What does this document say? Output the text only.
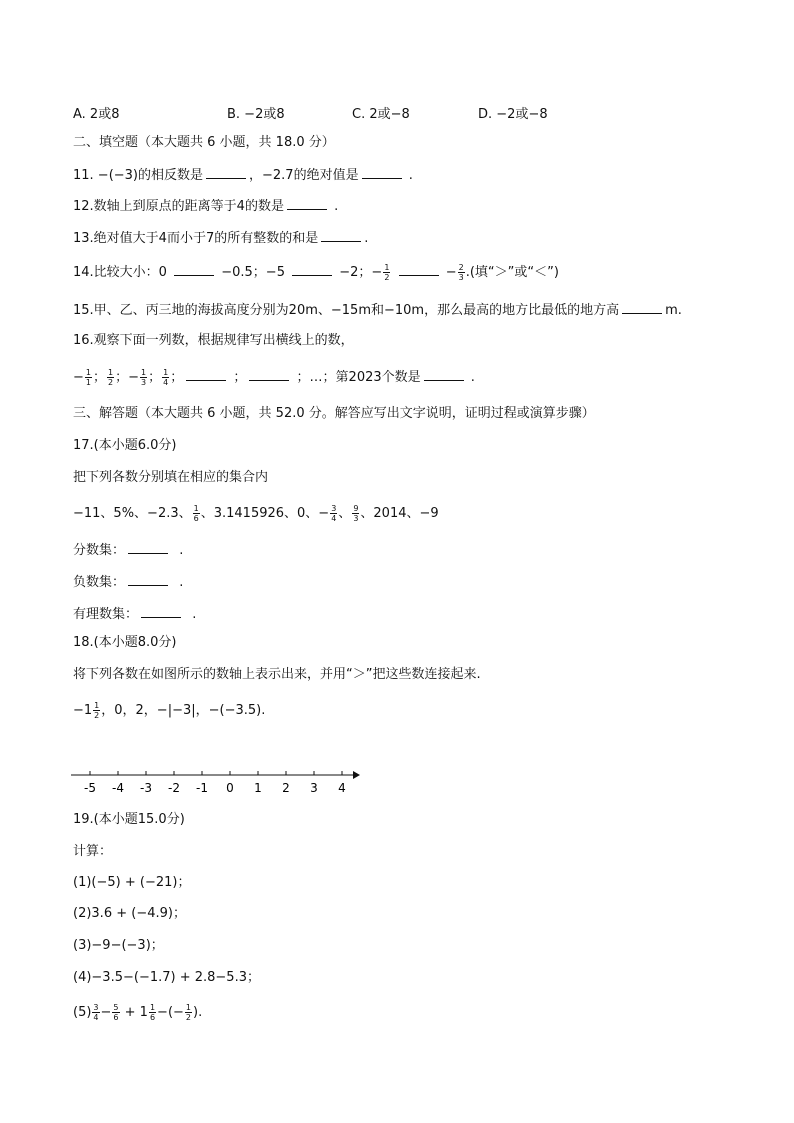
A. 2或8	B. −2或8	C. 2或−8	D. −2或−8
二、填空题（本大题共 6 小题，共 18.0 分）
11. −(−3)的相反数是	，−2.7的绝对值是	.
12.数轴上到原点的距离等于4的数是	.
13.绝对值大于4而小于7的所有整数的和是	.
14.比较大小：0	−0.5；−5	−2；− $\frac{1}{2}$	− $\frac{2}{3}$ .(填“＞”或“＜”)
15.甲、乙、丙三地的海拔高度分别为20m、−15m和−10m，那么最高的地方比最低的地方高	m.
16.观察下面一列数，根据规律写出横线上的数，
− $\frac{1}{1}$ ； $\frac{1}{2}$ ；− $\frac{1}{3}$ ； $\frac{1}{4}$ ；	；	；…；第2023个数是	.
三、解答题（本大题共 6 小题，共 52.0 分。解答应写出文字说明，证明过程或演算步骤）
17.(本小题6.0分)
把下列各数分别填在相应的集合内
−11、5%、−2.3、 $\frac{1}{6}$ 、3.1415926、0、− $\frac{3}{4}$ 、 $\frac{9}{3}$ 、2014、−9
分数集：	.
负数集：	.
有理数集：	.
18.(本小题8.0分)
将下列各数在如图所示的数轴上表示出来，并用“＞”把这些数连接起来.
$-1 \frac{1}{2}$ ，0，2，−|−3|，−(−3.5).
-5 -4 -3 -2 -1 0 1 2 3 4
19.(本小题15.0分)
计算：
(1)(−5) + (−21)；
(2)3.6 + (−4.9)；
(3)−9−(−3)；
(4)−3.5−(−1.7) + 2.8−5.3；
$(5) \frac{3}{4} - \frac{5}{6} + 1 \frac{1}{6}$ −(− $\frac{1}{2}$ ).
